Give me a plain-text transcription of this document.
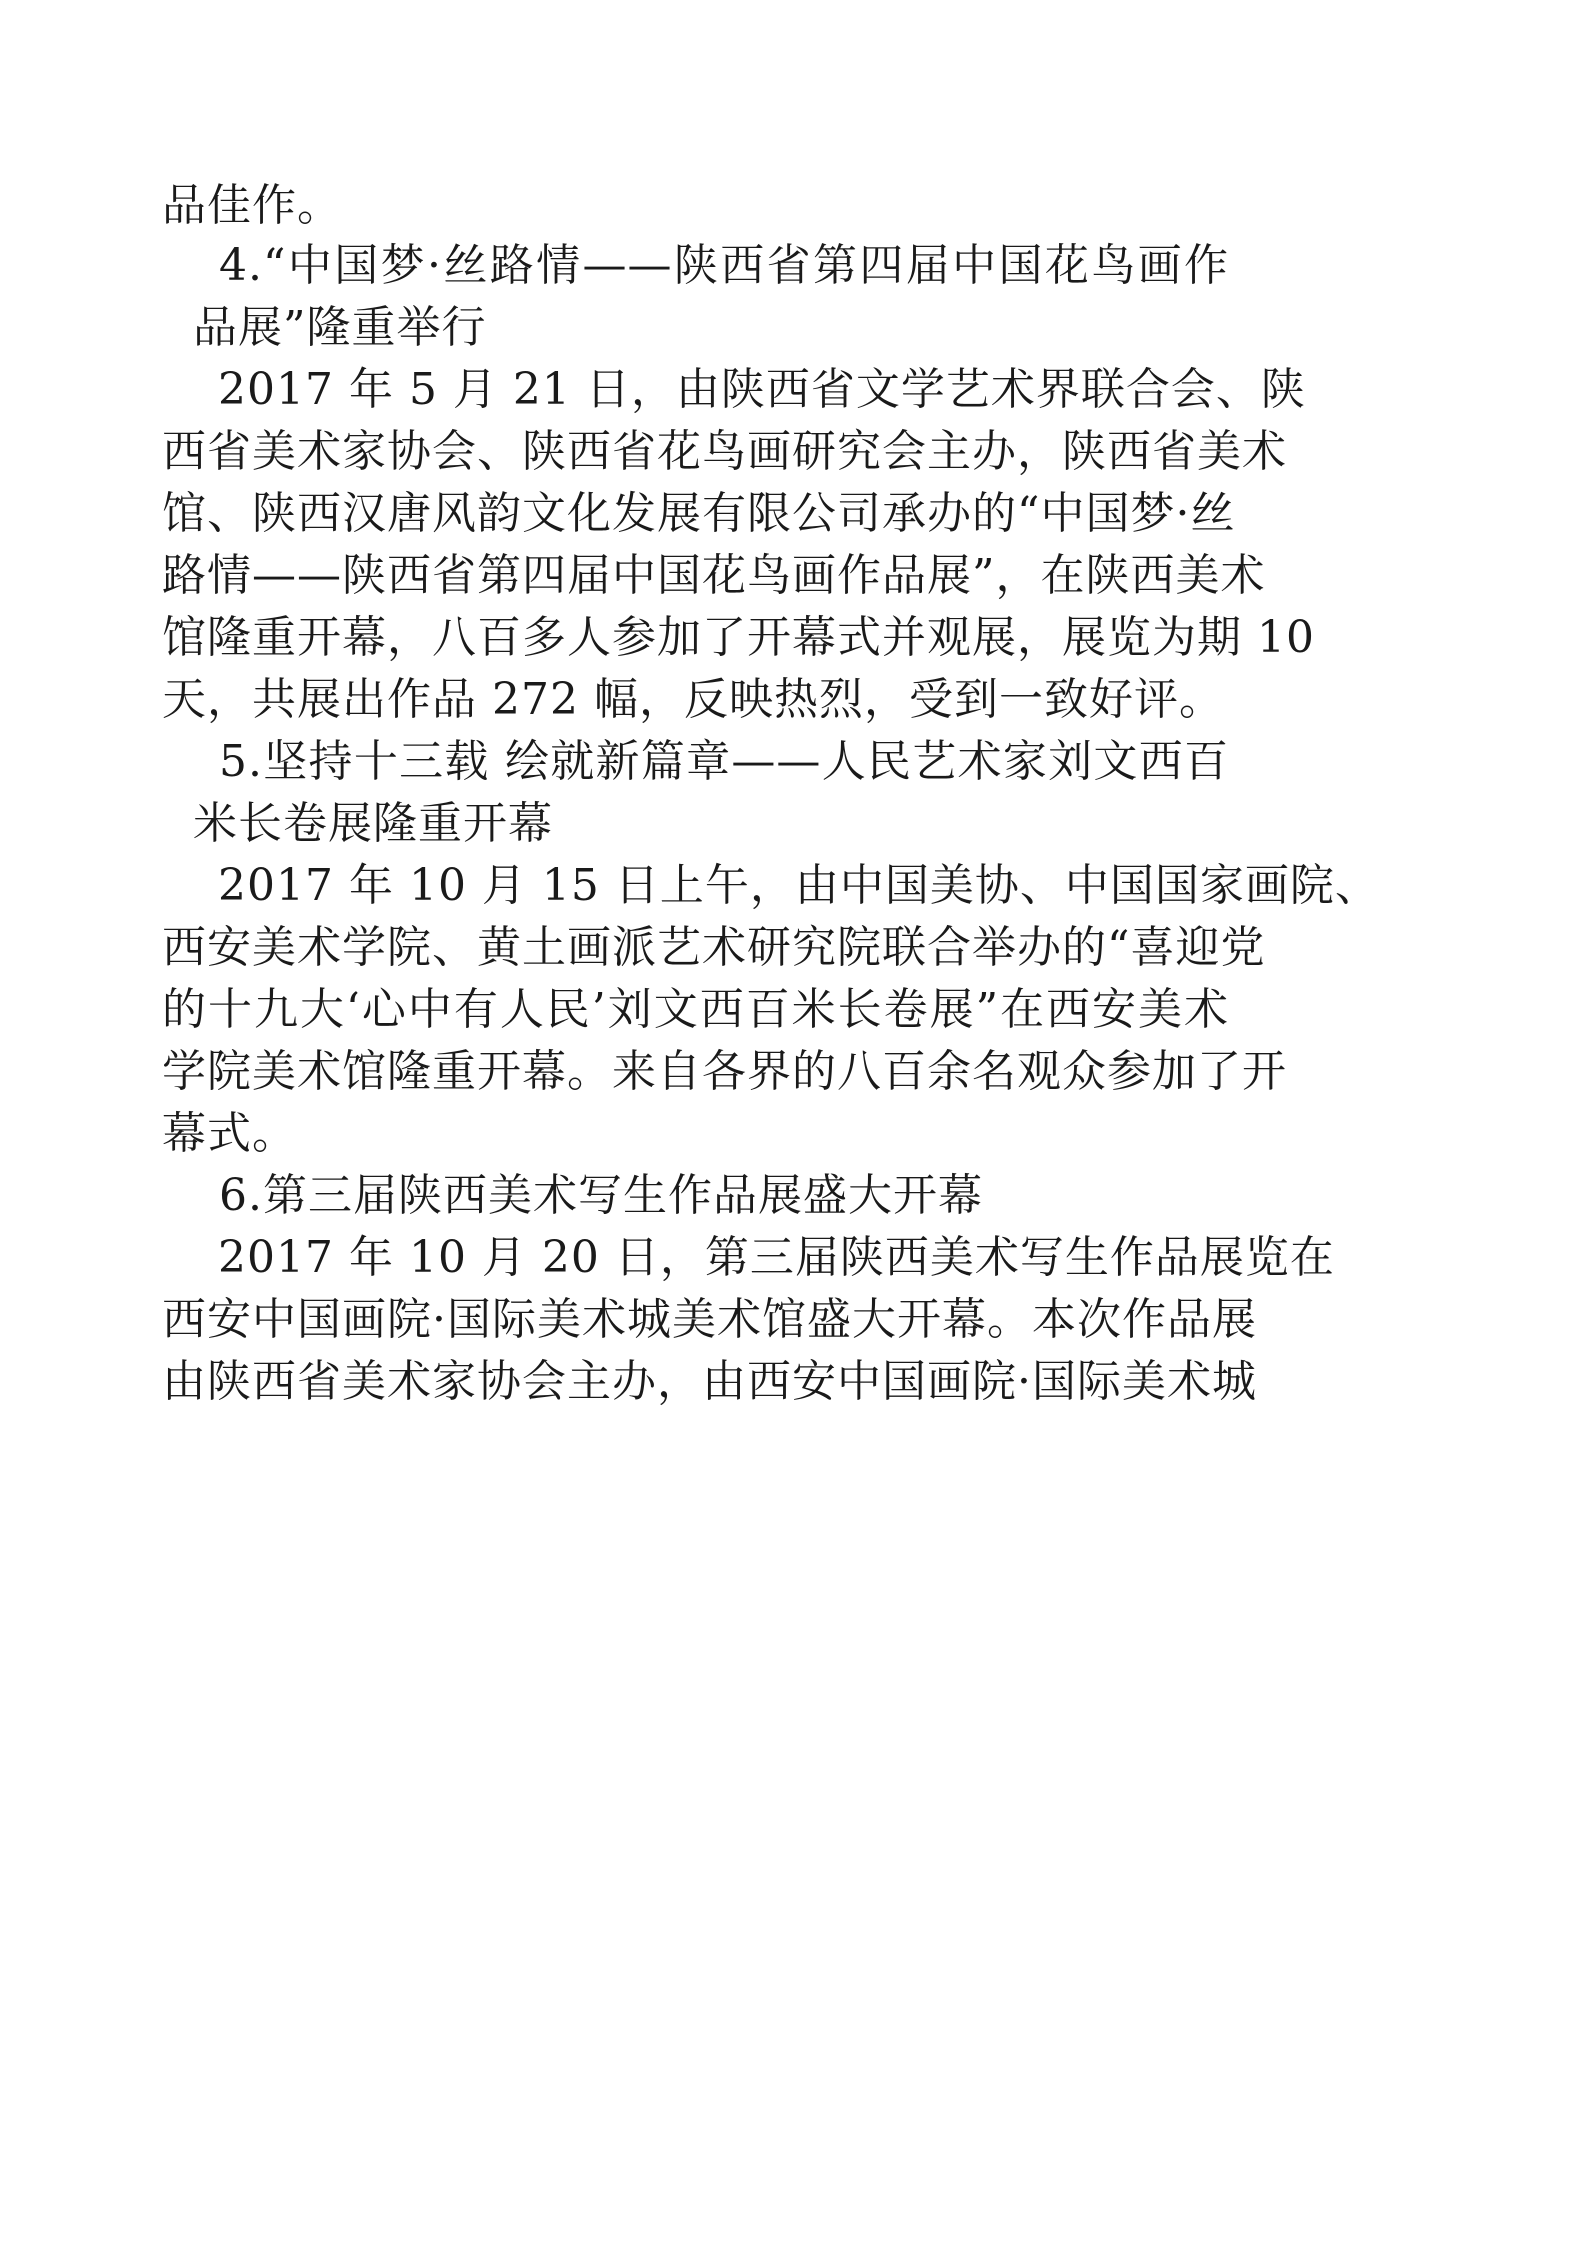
品佳作。
4.“中国梦·丝路情——陕西省第四届中国花鸟画作
品展”隆重举行
2017 年 5 月 21 日，由陕西省文学艺术界联合会、陕
西省美术家协会、陕西省花鸟画研究会主办，陕西省美术
馆、陕西汉唐风韵文化发展有限公司承办的“中国梦·丝
路情——陕西省第四届中国花鸟画作品展”，在陕西美术
馆隆重开幕，八百多人参加了开幕式并观展，展览为期 10
天，共展出作品 272 幅，反映热烈，受到一致好评。
5.坚持十三载 绘就新篇章——人民艺术家刘文西百
米长卷展隆重开幕
2017 年 10 月 15 日上午，由中国美协、中国国家画院、
西安美术学院、黄土画派艺术研究院联合举办的“喜迎党
的十九大‘心中有人民’刘文西百米长卷展”在西安美术
学院美术馆隆重开幕。来自各界的八百余名观众参加了开
幕式。
6.第三届陕西美术写生作品展盛大开幕
2017 年 10 月 20 日，第三届陕西美术写生作品展览在
西安中国画院·国际美术城美术馆盛大开幕。本次作品展
由陕西省美术家协会主办，由西安中国画院·国际美术城
